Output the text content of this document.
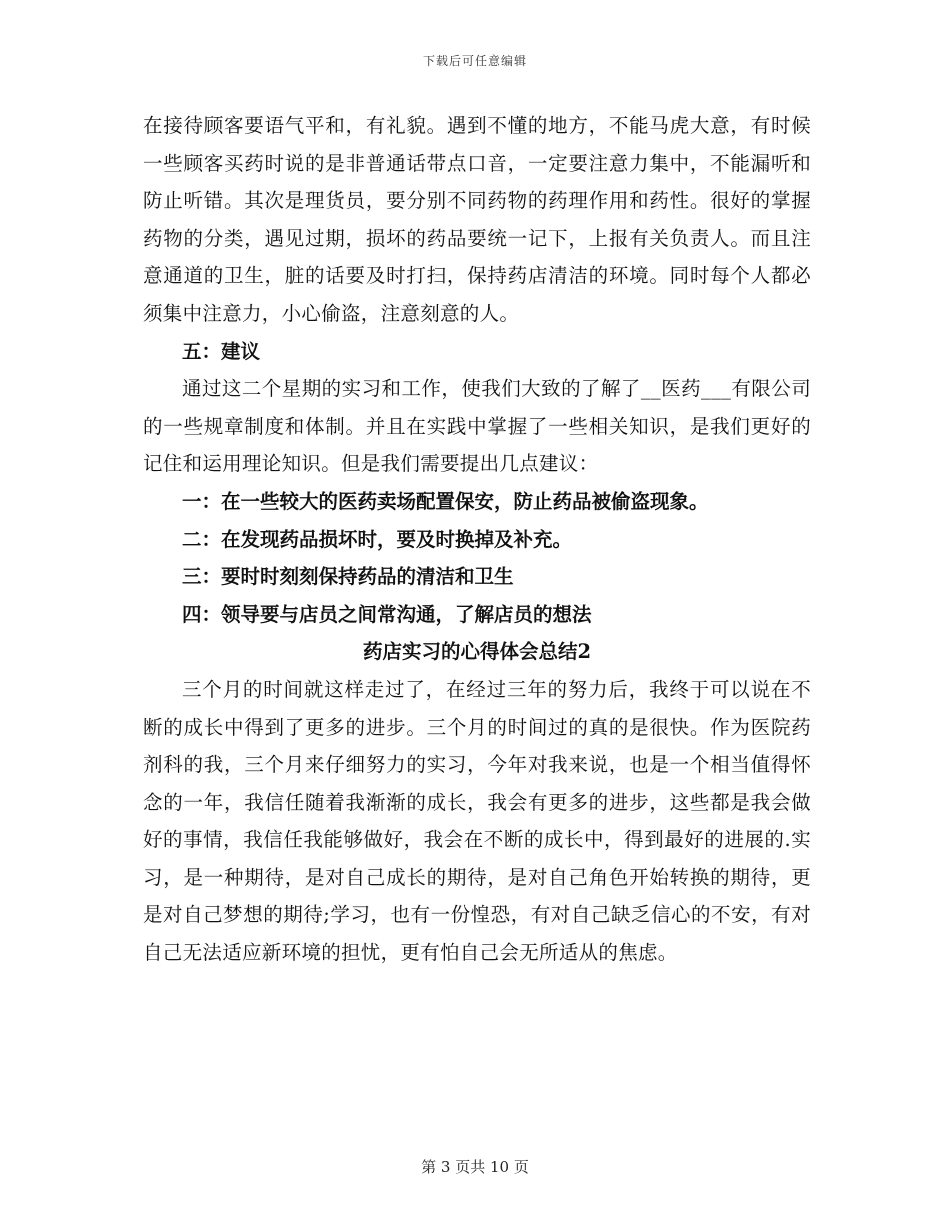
下载后可任意编辑

在接待顾客要语气平和，有礼貌。遇到不懂的地方，不能马虎大意，有时候一些顾客买药时说的是非普通话带点口音，一定要注意力集中，不能漏听和防止听错。其次是理货员，要分别不同药物的药理作用和药性。很好的掌握药物的分类，遇见过期，损坏的药品要统一记下，上报有关负责人。而且注意通道的卫生，脏的话要及时打扫，保持药店清洁的环境。同时每个人都必须集中注意力，小心偷盗，注意刻意的人。

五：建议

通过这二个星期的实习和工作，使我们大致的了解了__医药___有限公司的一些规章制度和体制。并且在实践中掌握了一些相关知识，是我们更好的记住和运用理论知识。但是我们需要提出几点建议：

一：在一些较大的医药卖场配置保安，防止药品被偷盗现象。

二：在发现药品损坏时，要及时换掉及补充。

三：要时时刻刻保持药品的清洁和卫生

四：领导要与店员之间常沟通，了解店员的想法

药店实习的心得体会总结2

三个月的时间就这样走过了，在经过三年的努力后，我终于可以说在不断的成长中得到了更多的进步。三个月的时间过的真的是很快。作为医院药剂科的我，三个月来仔细努力的实习，今年对我来说，也是一个相当值得怀念的一年，我信任随着我渐渐的成长，我会有更多的进步，这些都是我会做好的事情，我信任我能够做好，我会在不断的成长中，得到最好的进展的.实习，是一种期待，是对自己成长的期待，是对自己角色开始转换的期待，更是对自己梦想的期待;学习，也有一份惶恐，有对自己缺乏信心的不安，有对自己无法适应新环境的担忧，更有怕自己会无所适从的焦虑。

第 3 页共 10 页
